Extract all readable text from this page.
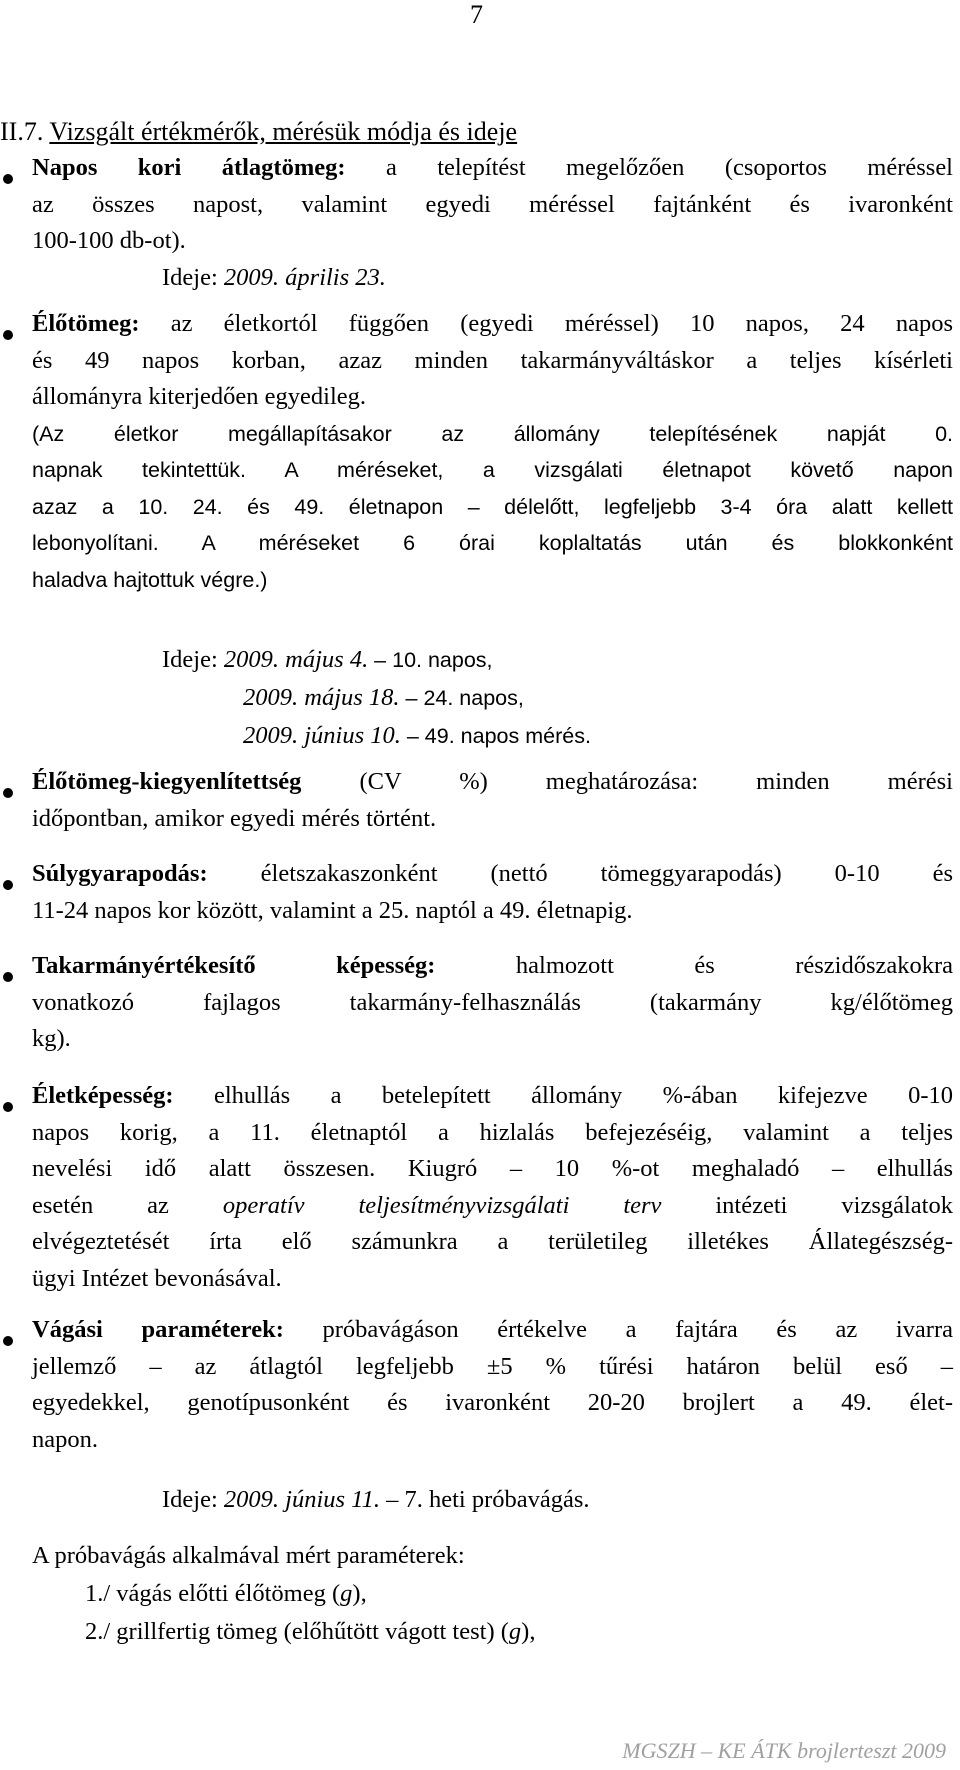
7
II.7. Vizsgált értékmérők, mérésük módja és ideje
Napos kori átlagtömeg: a telepítést megelőzően (csoportos méréssel
az összes napost, valamint egyedi méréssel fajtánként és ivaronként
100-100 db-ot).
Ideje: 2009. április 23.
Élőtömeg: az életkortól függően (egyedi méréssel) 10 napos, 24 napos
és 49 napos korban, azaz minden takarmányváltáskor a teljes kísérleti
állományra kiterjedően egyedileg.
(Az életkor megállapításakor az állomány telepítésének napját 0.
napnak tekintettük. A méréseket, a vizsgálati életnapot követő napon
azaz a 10. 24. és 49. életnapon – délelőtt, legfeljebb 3-4 óra alatt kellett
lebonyolítani. A méréseket 6 órai koplaltatás után és blokkonként
haladva hajtottuk végre.)
Ideje: 2009. május 4. – 10. napos,
2009. május 18. – 24. napos,
2009. június 10. – 49. napos mérés.
Élőtömeg-kiegyenlítettség (CV %) meghatározása: minden mérési
időpontban, amikor egyedi mérés történt.
Súlygyarapodás: életszakaszonként (nettó tömeggyarapodás) 0-10 és
11-24 napos kor között, valamint a 25. naptól a 49. életnapig.
Takarmányértékesítő képesség: halmozott és részidőszakokra
vonatkozó fajlagos takarmány-felhasználás (takarmány kg/élőtömeg
kg).
Életképesség: elhullás a betelepített állomány %-ában kifejezve 0-10
napos korig, a 11. életnaptól a hizlalás befejezéséig, valamint a teljes
nevelési idő alatt összesen. Kiugró – 10 %-ot meghaladó – elhullás
esetén az operatív teljesítményvizsgálati terv intézeti vizsgálatok
elvégeztetését írta elő számunkra a területileg illetékes Állategészség-
ügyi Intézet bevonásával.
Vágási paraméterek: próbavágáson értékelve a fajtára és az ivarra
jellemző – az átlagtól legfeljebb ±5 % tűrési határon belül eső –
egyedekkel, genotípusonként és ivaronként 20-20 brojlert a 49. élet-
napon.
Ideje: 2009. június 11. – 7. heti próbavágás.
A próbavágás alkalmával mért paraméterek:
1./ vágás előtti élőtömeg (g),
2./ grillfertig tömeg (előhűtött vágott test) (g),
MGSZH – KE ÁTK brojlerteszt 2009
